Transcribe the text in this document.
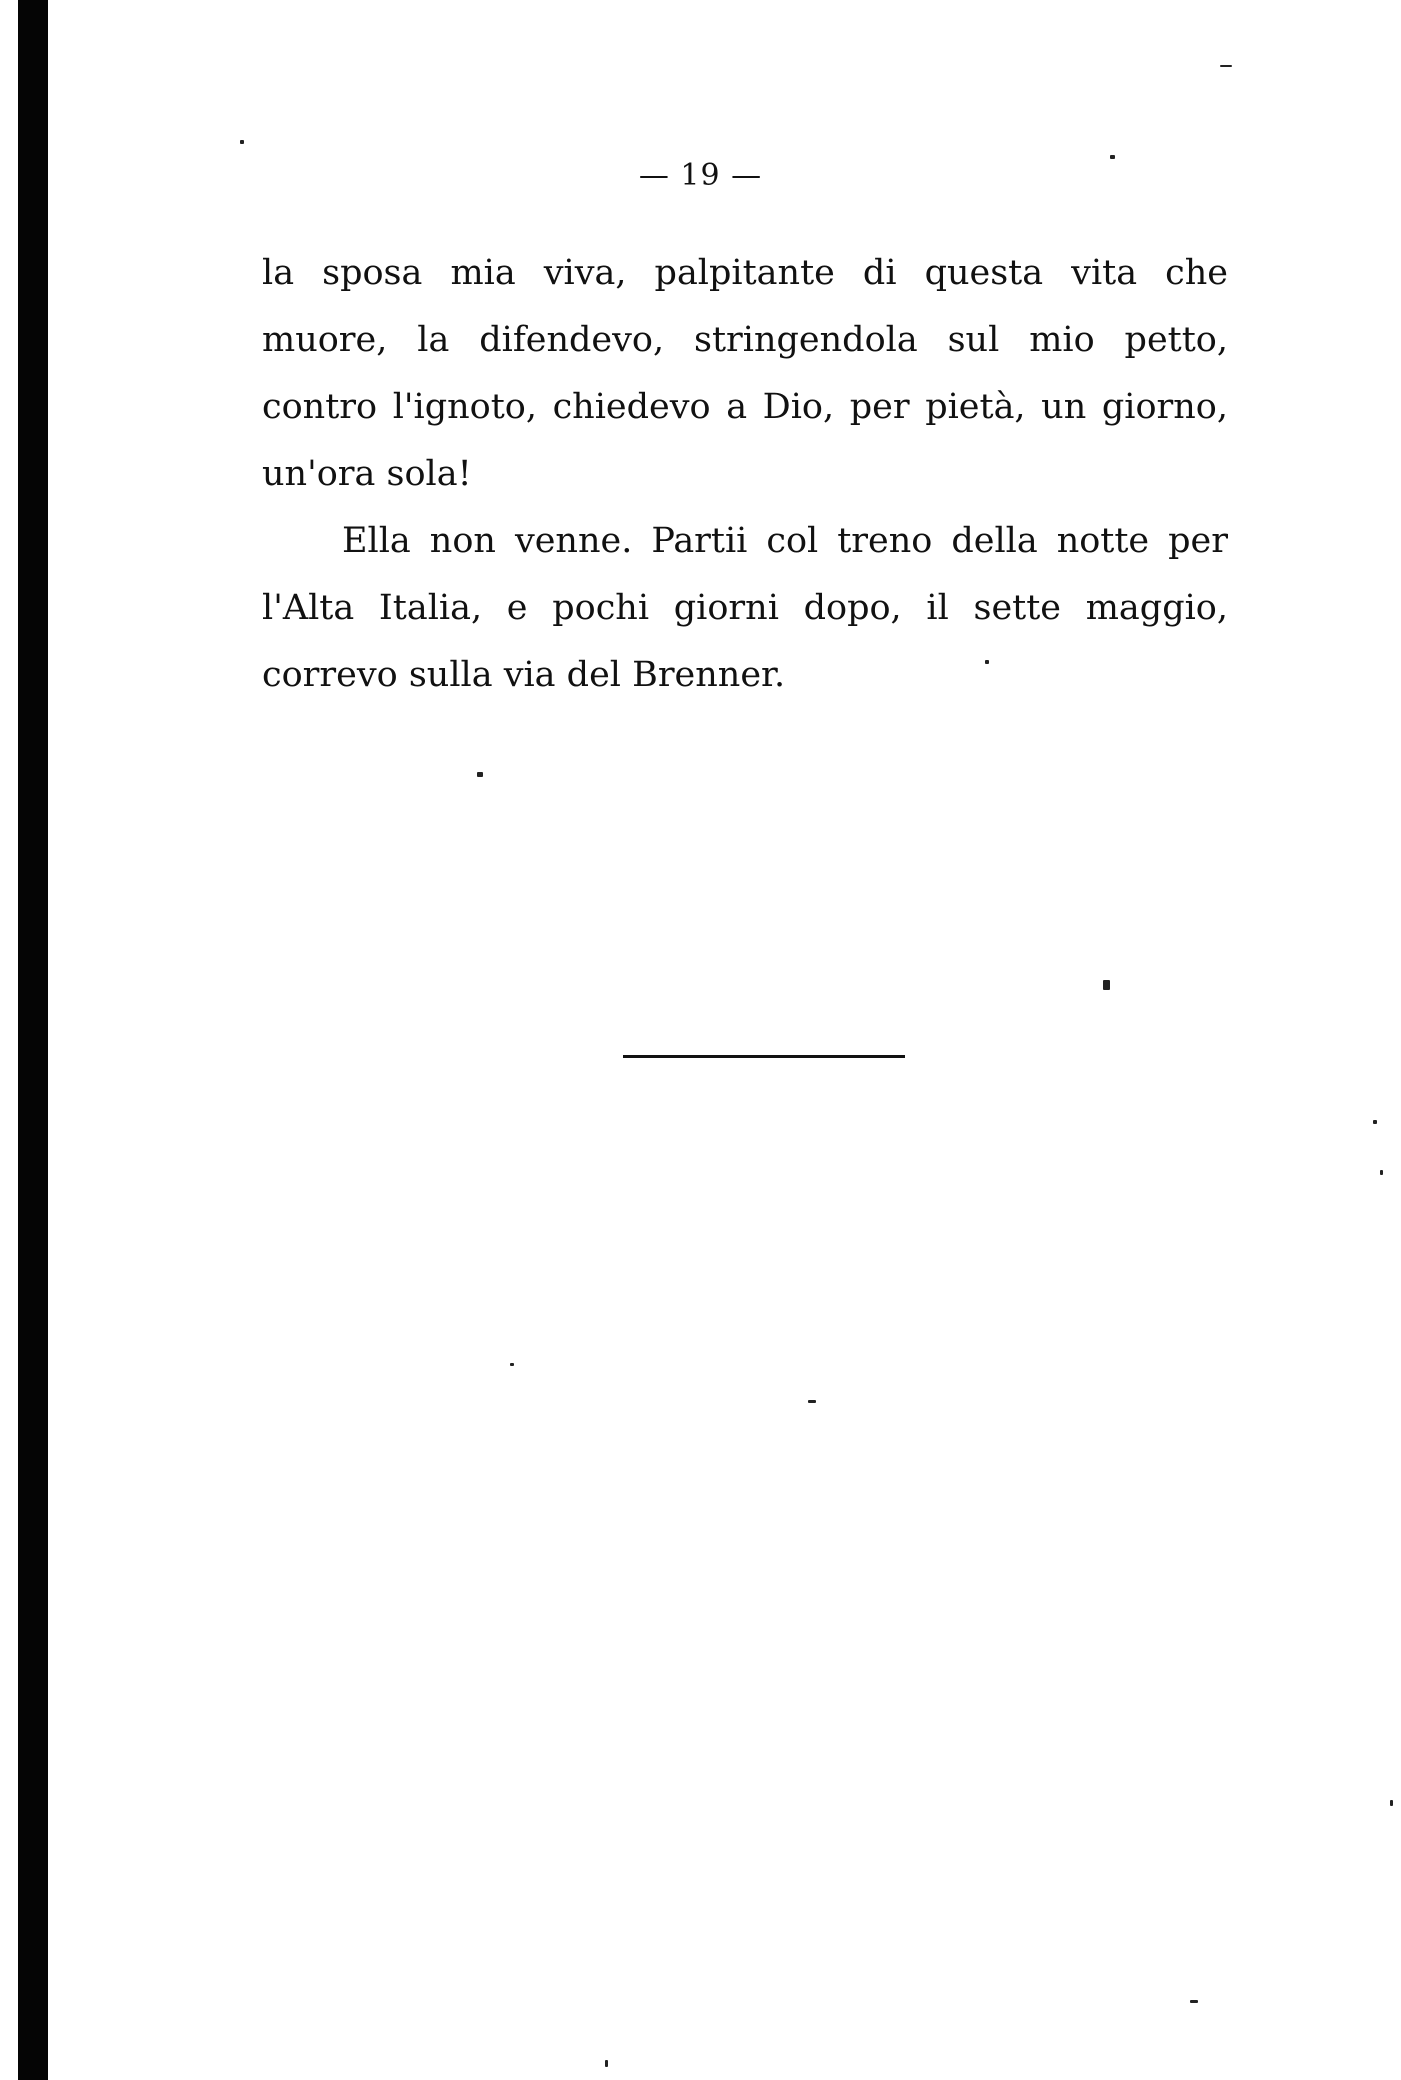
— 19 —
la sposa mia viva, palpitante di questa vita che
muore, la difendevo, stringendola sul mio petto,
contro l'ignoto, chiedevo a Dio, per pietà, un giorno,
un'ora sola!
Ella non venne. Partii col treno della notte per
l'Alta Italia, e pochi giorni dopo, il sette maggio,
correvo sulla via del Brenner.
